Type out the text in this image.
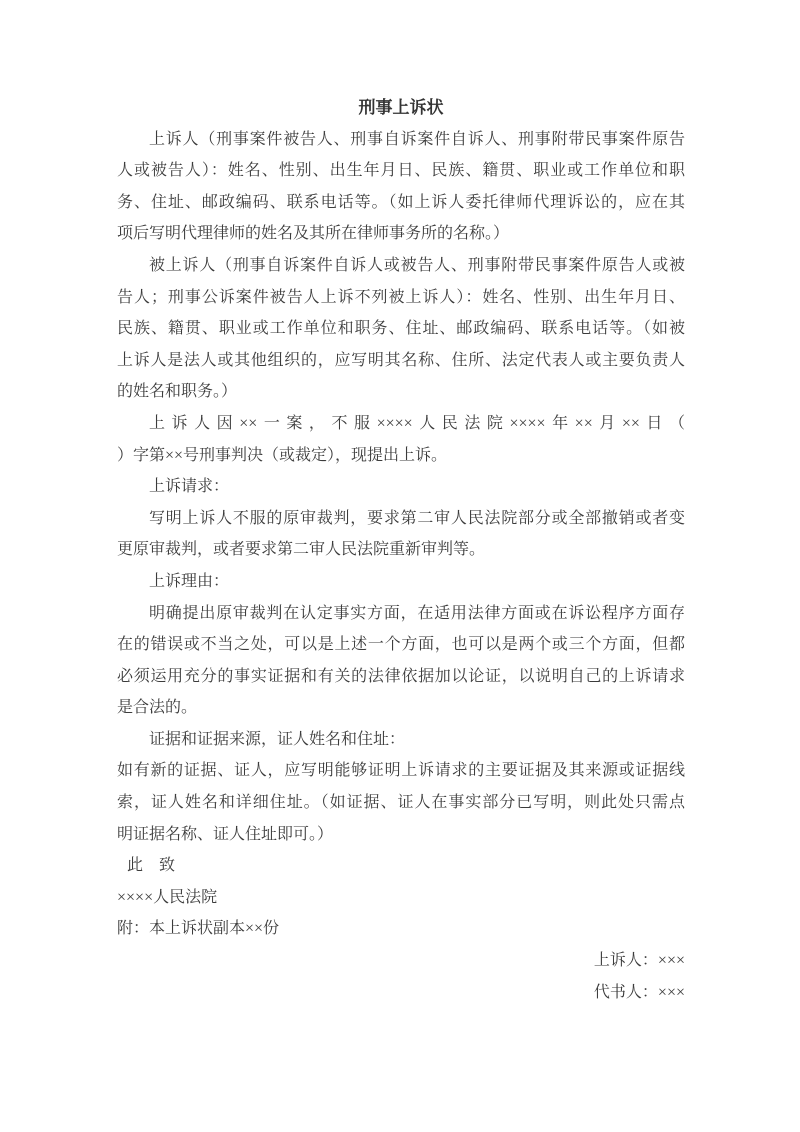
刑事上诉状
上诉人（刑事案件被告人、刑事自诉案件自诉人、刑事附带民事案件原告
人或被告人）：姓名、性别、出生年月日、民族、籍贯、职业或工作单位和职
务、住址、邮政编码、联系电话等。（如上诉人委托律师代理诉讼的，应在其
项后写明代理律师的姓名及其所在律师事务所的名称。）
被上诉人（刑事自诉案件自诉人或被告人、刑事附带民事案件原告人或被
告人；刑事公诉案件被告人上诉不列被上诉人）：姓名、性别、出生年月日、
民族、籍贯、职业或工作单位和职务、住址、邮政编码、联系电话等。（如被
上诉人是法人或其他组织的，应写明其名称、住所、法定代表人或主要负责人
的姓名和职务。）
上诉人因××一案，不服××××人民法院××××年××月××日（
）字第××号刑事判决（或裁定），现提出上诉。
上诉请求：
写明上诉人不服的原审裁判，要求第二审人民法院部分或全部撤销或者变
更原审裁判，或者要求第二审人民法院重新审判等。
上诉理由：
明确提出原审裁判在认定事实方面，在适用法律方面或在诉讼程序方面存
在的错误或不当之处，可以是上述一个方面，也可以是两个或三个方面，但都
必须运用充分的事实证据和有关的法律依据加以论证，以说明自己的上诉请求
是合法的。
证据和证据来源，证人姓名和住址：
如有新的证据、证人，应写明能够证明上诉请求的主要证据及其来源或证据线
索，证人姓名和详细住址。（如证据、证人在事实部分已写明，则此处只需点
明证据名称、证人住址即可。）
此　致
××××人民法院
附：本上诉状副本××份
上诉人：×××
代书人：×××
